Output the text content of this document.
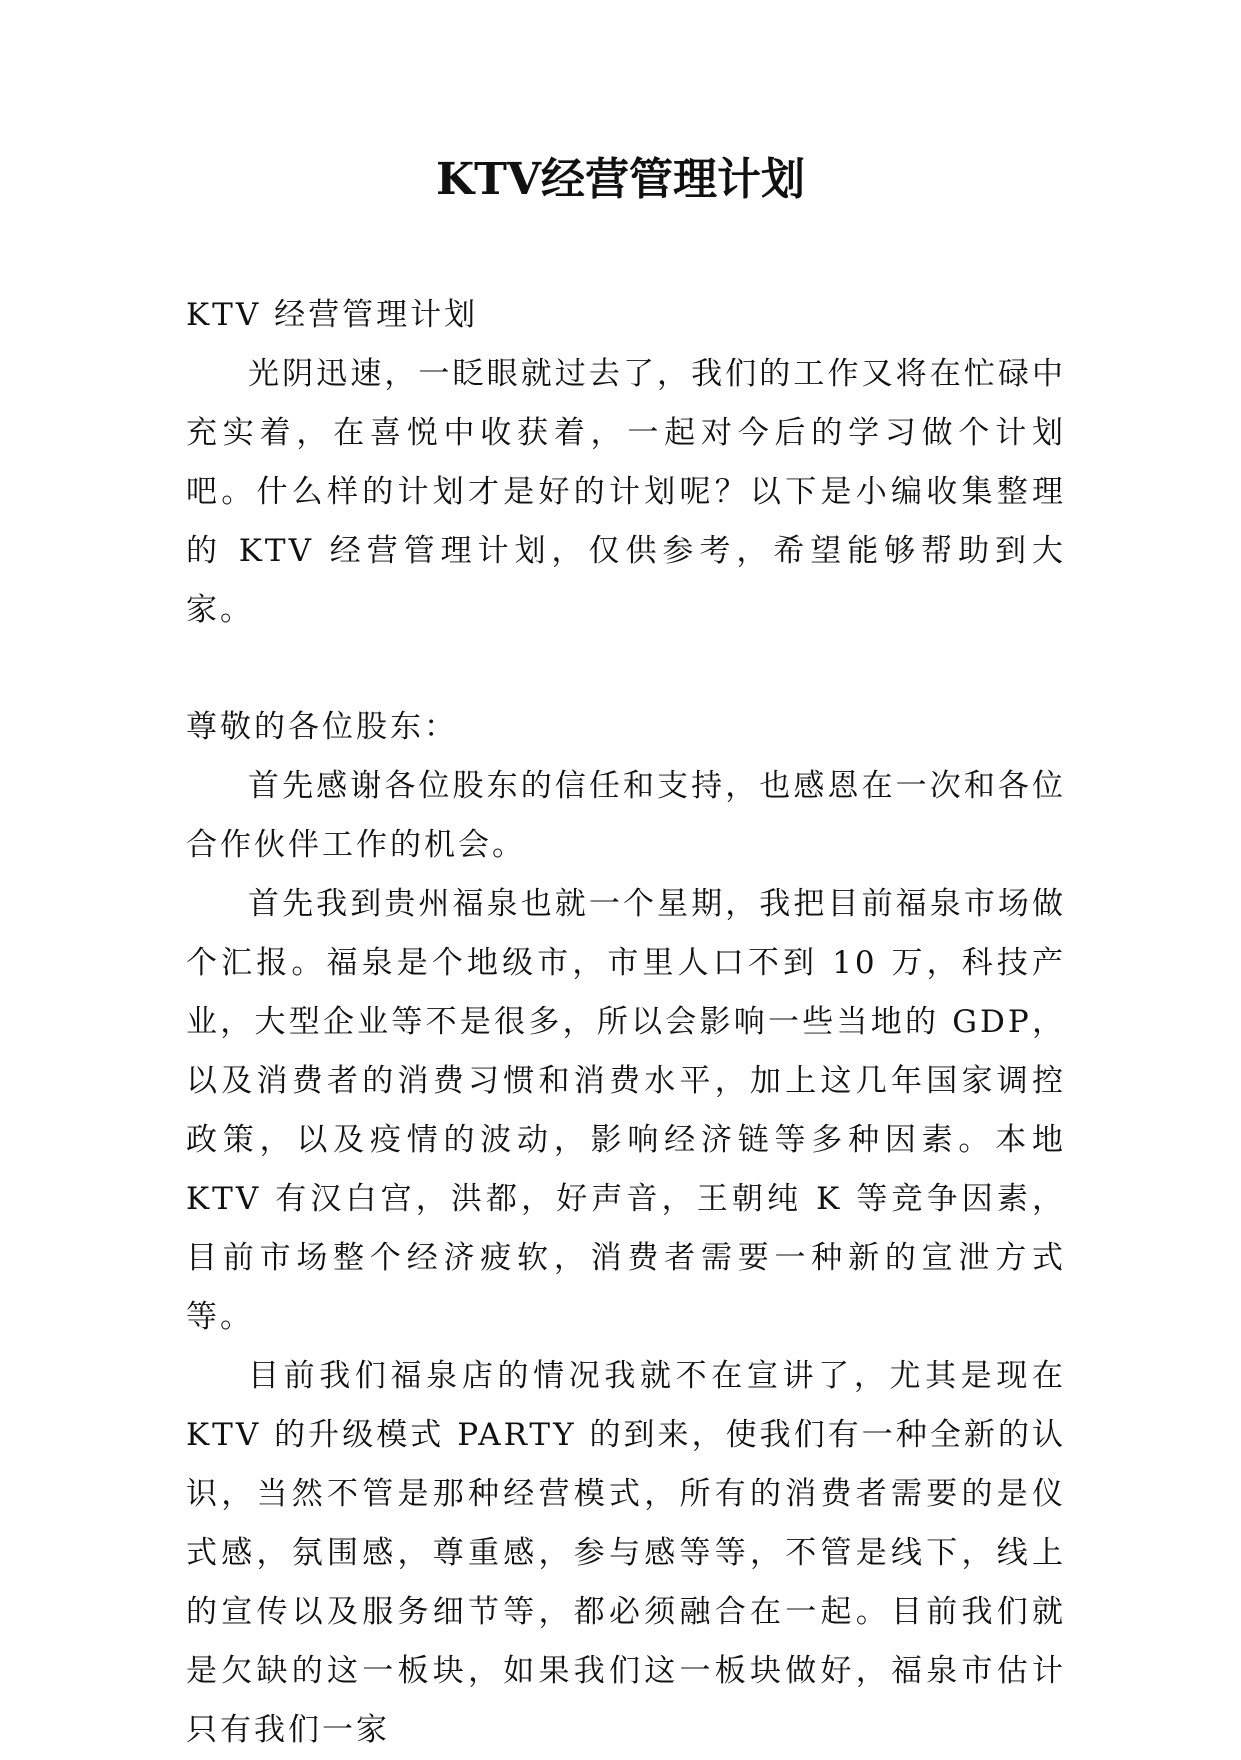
KTV经营管理计划

KTV 经营管理计划

光阴迅速，一眨眼就过去了，我们的工作又将在忙碌中充实着，在喜悦中收获着，一起对今后的学习做个计划吧。什么样的计划才是好的计划呢？以下是小编收集整理的 KTV 经营管理计划，仅供参考，希望能够帮助到大家。

尊敬的各位股东：

首先感谢各位股东的信任和支持，也感恩在一次和各位合作伙伴工作的机会。

首先我到贵州福泉也就一个星期，我把目前福泉市场做个汇报。福泉是个地级市，市里人口不到 10 万，科技产业，大型企业等不是很多，所以会影响一些当地的 GDP，以及消费者的消费习惯和消费水平，加上这几年国家调控政策，以及疫情的波动，影响经济链等多种因素。本地 KTV 有汉白宫，洪都，好声音，王朝纯 K 等竞争因素，目前市场整个经济疲软，消费者需要一种新的宣泄方式等。

目前我们福泉店的情况我就不在宣讲了，尤其是现在 KTV 的升级模式 PARTY 的到来，使我们有一种全新的认识，当然不管是那种经营模式，所有的消费者需要的是仪式感，氛围感，尊重感，参与感等等，不管是线下，线上的宣传以及服务细节等，都必须融合在一起。目前我们就是欠缺的这一板块，如果我们这一板块做好，福泉市估计只有我们一家
